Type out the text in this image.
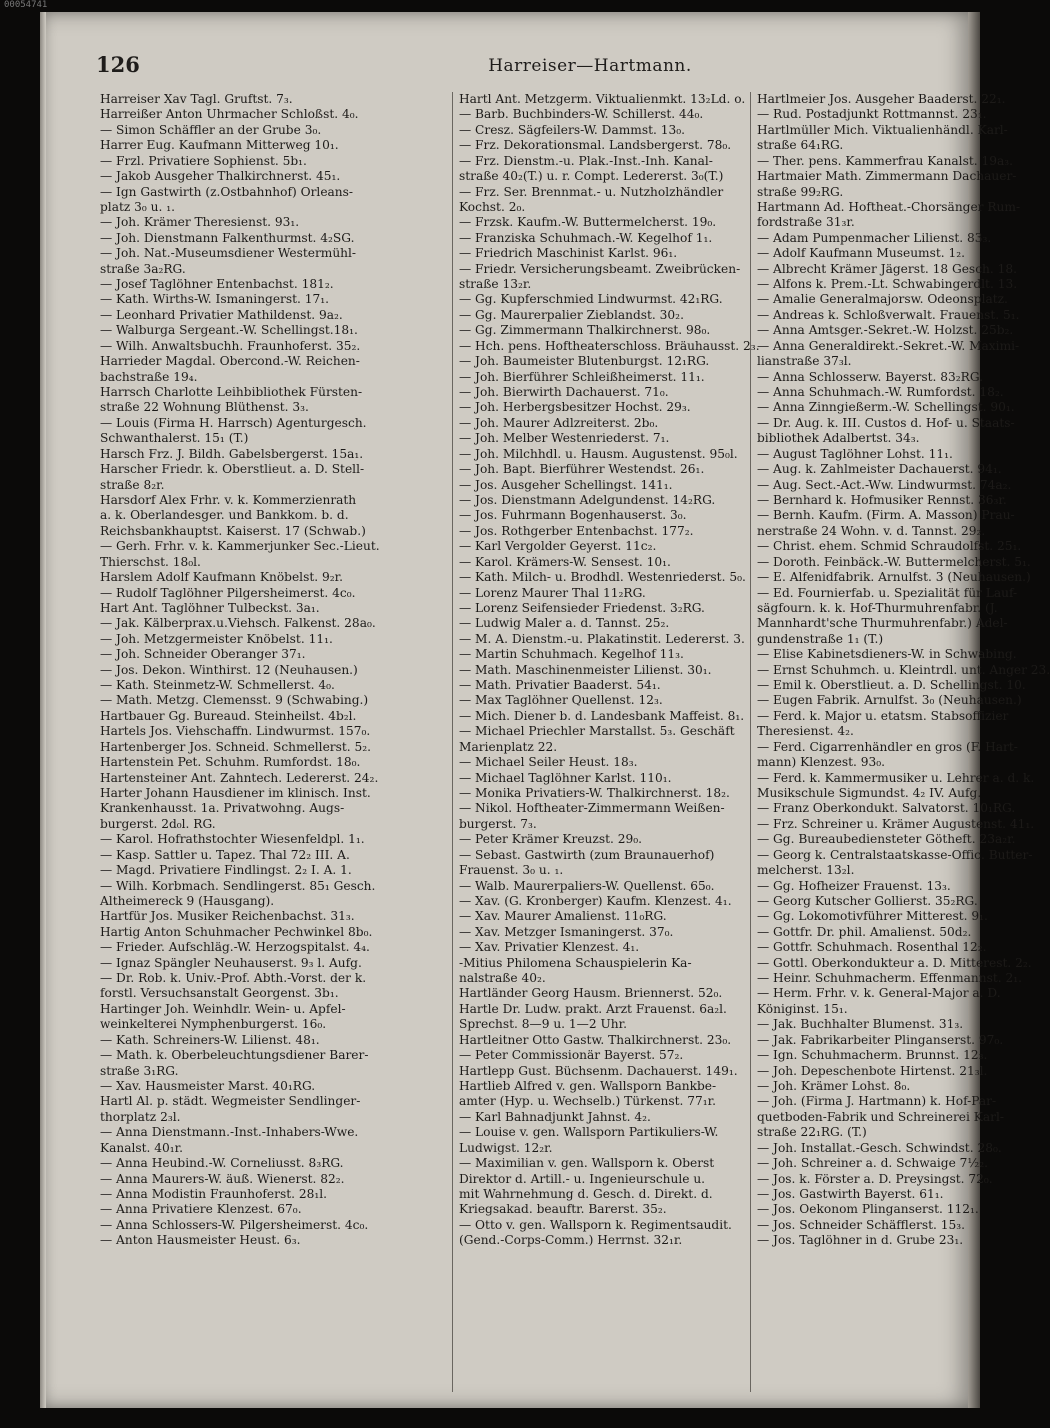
00054741
126	Harreiser—Hartmann.
Harreiser Xav Tagl. Gruftst. 7₃.
Harreißer Anton Uhrmacher Schloßst. 4₀.
— Simon Schäffler an der Grube 3₀.
Harrer Eug. Kaufmann Mitterweg 10₁.
— Frzl. Privatiere Sophienst. 5b₁.
— Jakob Ausgeher Thalkirchnerst. 45₁.
— Ign Gastwirth (z.Ostbahnhof) Orleans-
platz 3₀ u. ₁.
— Joh. Krämer Theresienst. 93₁.
— Joh. Dienstmann Falkenthurmst. 4₂SG.
— Joh. Nat.-Museumsdiener Westermühl-
straße 3a₂RG.
— Josef Taglöhner Entenbachst. 181₂.
— Kath. Wirths-W. Ismaningerst. 17₁.
— Leonhard Privatier Mathildenst. 9a₂.
— Walburga Sergeant.-W. Schellingst.18₁.
— Wilh. Anwaltsbuchh. Fraunhoferst. 35₂.
Harrieder Magdal. Obercond.-W. Reichen-
bachstraße 19₄.
Harrsch Charlotte Leihbibliothek Fürsten-
straße 22 Wohnung Blüthenst. 3₃.
— Louis (Firma H. Harrsch) Agenturgesch.
Schwanthalerst. 15₁ (T.)
Harsch Frz. J. Bildh. Gabelsbergerst. 15a₁.
Harscher Friedr. k. Oberstlieut. a. D. Stell-
straße 8₂r.
Harsdorf Alex Frhr. v. k. Kommerzienrath
a. k. Oberlandesger. und Bankkom. b. d.
Reichsbankhauptst. Kaiserst. 17 (Schwab.)
— Gerh. Frhr. v. k. Kammerjunker Sec.-Lieut.
Thierschst. 18₀l.
Harslem Adolf Kaufmann Knöbelst. 9₂r.
— Rudolf Taglöhner Pilgersheimerst. 4c₀.
Hart Ant. Taglöhner Tulbeckst. 3a₁.
— Jak. Kälberprax.u.Viehsch. Falkenst. 28a₀.
— Joh. Metzgermeister Knöbelst. 11₁.
— Joh. Schneider Oberanger 37₁.
— Jos. Dekon. Winthirst. 12 (Neuhausen.)
— Kath. Steinmetz-W. Schmellerst. 4₀.
— Math. Metzg. Clemensst. 9 (Schwabing.)
Hartbauer Gg. Bureaud. Steinheilst. 4b₂l.
Hartels Jos. Viehschaffn. Lindwurmst. 157₀.
Hartenberger Jos. Schneid. Schmellerst. 5₂.
Hartenstein Pet. Schuhm. Rumfordst. 18₀.
Hartensteiner Ant. Zahntech. Ledererst. 24₂.
Harter Johann Hausdiener im klinisch. Inst.
Krankenhausst. 1a. Privatwohng. Augs-
burgerst. 2d₀l. RG.
— Karol. Hofrathstochter Wiesenfeldpl. 1₁.
— Kasp. Sattler u. Tapez. Thal 72₂ III. A.
— Magd. Privatiere Findlingst. 2₂ I. A. 1.
— Wilh. Korbmach. Sendlingerst. 85₁ Gesch.
Altheimereck 9 (Hausgang).
Hartfür Jos. Musiker Reichenbachst. 31₃.
Hartig Anton Schuhmacher Pechwinkel 8b₀.
— Frieder. Aufschläg.-W. Herzogspitalst. 4₄.
— Ignaz Spängler Neuhauserst. 9₃ l. Aufg.
— Dr. Rob. k. Univ.-Prof. Abth.-Vorst. der k.
forstl. Versuchsanstalt Georgenst. 3b₁.
Hartinger Joh. Weinhdlr. Wein- u. Apfel-
weinkelterei Nymphenburgerst. 16₀.
— Kath. Schreiners-W. Lilienst. 48₁.
— Math. k. Oberbeleuchtungsdiener Barer-
straße 3₁RG.
— Xav. Hausmeister Marst. 40₁RG.
Hartl Al. p. städt. Wegmeister Sendlinger-
thorplatz 2₃l.
— Anna Dienstmann.-Inst.-Inhabers-Wwe.
Kanalst. 40₁r.
— Anna Heubind.-W. Corneliusst. 8₃RG.
— Anna Maurers-W. äuß. Wienerst. 82₂.
— Anna Modistin Fraunhoferst. 28₁l.
— Anna Privatiere Klenzest. 67₀.
— Anna Schlossers-W. Pilgersheimerst. 4c₀.
— Anton Hausmeister Heust. 6₃.
Hartl Ant. Metzgerm. Viktualienmkt. 13₂Ld. o.
— Barb. Buchbinders-W. Schillerst. 44₀.
— Cresz. Sägfeilers-W. Dammst. 13₀.
— Frz. Dekorationsmal. Landsbergerst. 78₀.
— Frz. Dienstm.-u. Plak.-Inst.-Inh. Kanal-
straße 40₂(T.) u. r. Compt. Ledererst. 3₀(T.)
— Frz. Ser. Brennmat.- u. Nutzholzhändler
Kochst. 2₀.
— Frzsk. Kaufm.-W. Buttermelcherst. 19₀.
— Franziska Schuhmach.-W. Kegelhof 1₁.
— Friedrich Maschinist Karlst. 96₁.
— Friedr. Versicherungsbeamt. Zweibrücken-
straße 13₂r.
— Gg. Kupferschmied Lindwurmst. 42₁RG.
— Gg. Maurerpalier Zieblandst. 30₂.
— Gg. Zimmermann Thalkirchnerst. 98₀.
— Hch. pens. Hoftheaterschloss. Bräuhausst. 2₃.
— Joh. Baumeister Blutenburgst. 12₁RG.
— Joh. Bierführer Schleißheimerst. 11₁.
— Joh. Bierwirth Dachauerst. 71₀.
— Joh. Herbergsbesitzer Hochst. 29₃.
— Joh. Maurer Adlzreiterst. 2b₀.
— Joh. Melber Westenriederst. 7₁.
— Joh. Milchhdl. u. Hausm. Augustenst. 95₀l.
— Joh. Bapt. Bierführer Westendst. 26₁.
— Jos. Ausgeher Schellingst. 141₁.
— Jos. Dienstmann Adelgundenst. 14₂RG.
— Jos. Fuhrmann Bogenhauserst. 3₀.
— Jos. Rothgerber Entenbachst. 177₂.
— Karl Vergolder Geyerst. 11c₂.
— Karol. Krämers-W. Sensest. 10₁.
— Kath. Milch- u. Brodhdl. Westenriederst. 5₀.
— Lorenz Maurer Thal 11₂RG.
— Lorenz Seifensieder Friedenst. 3₂RG.
— Ludwig Maler a. d. Tannst. 25₂.
— M. A. Dienstm.-u. Plakatinstit. Ledererst. 3.
— Martin Schuhmach. Kegelhof 11₃.
— Math. Maschinenmeister Lilienst. 30₁.
— Math. Privatier Baaderst. 54₁.
— Max Taglöhner Quellenst. 12₃.
— Mich. Diener b. d. Landesbank Maffeist. 8₁.
— Michael Priechler Marstallst. 5₃. Geschäft
Marienplatz 22.
— Michael Seiler Heust. 18₃.
— Michael Taglöhner Karlst. 110₁.
— Monika Privatiers-W. Thalkirchnerst. 18₂.
— Nikol. Hoftheater-Zimmermann Weißen-
burgerst. 7₃.
— Peter Krämer Kreuzst. 29₀.
— Sebast. Gastwirth (zum Braunauerhof)
Frauenst. 3₀ u. ₁.
— Walb. Maurerpaliers-W. Quellenst. 65₀.
— Xav. (G. Kronberger) Kaufm. Klenzest. 4₁.
— Xav. Maurer Amalienst. 11₀RG.
— Xav. Metzger Ismaningerst. 37₀.
— Xav. Privatier Klenzest. 4₁.
-Mitius Philomena Schauspielerin Ka-
nalstraße 40₂.
Hartländer Georg Hausm. Briennerst. 52₀.
Hartle Dr. Ludw. prakt. Arzt Frauenst. 6a₂l.
Sprechst. 8—9 u. 1—2 Uhr.
Hartleitner Otto Gastw. Thalkirchnerst. 23₀.
— Peter Commissionär Bayerst. 57₂.
Hartlepp Gust. Büchsenm. Dachauerst. 149₁.
Hartlieb Alfred v. gen. Wallsporn Bankbe-
amter (Hyp. u. Wechselb.) Türkenst. 77₁r.
— Karl Bahnadjunkt Jahnst. 4₂.
— Louise v. gen. Wallsporn Partikuliers-W.
Ludwigst. 12₂r.
— Maximilian v. gen. Wallsporn k. Oberst
Direktor d. Artill.- u. Ingenieurschule u.
mit Wahrnehmung d. Gesch. d. Direkt. d.
Kriegsakad. beauftr. Barerst. 35₂.
— Otto v. gen. Wallsporn k. Regimentsaudit.
(Gend.-Corps-Comm.) Herrnst. 32₁r.
Hartlmeier Jos. Ausgeher Baaderst. 22₁.
— Rud. Postadjunkt Rottmannst. 23₁.
Hartlmüller Mich. Viktualienhändl. Karl-
straße 64₁RG.
— Ther. pens. Kammerfrau Kanalst. 19a₃.
Hartmaier Math. Zimmermann Dachauer-
straße 99₂RG.
Hartmann Ad. Hoftheat.-Chorsänger Rum-
fordstraße 31₃r.
— Adam Pumpenmacher Lilienst. 83₃.
— Adolf Kaufmann Museumst. 1₂.
— Albrecht Krämer Jägerst. 18 Gesch. 18.
— Alfons k. Prem.-Lt. Schwabingerdlt. 13.
— Amalie Generalmajorsw. Odeonsplatz.
— Andreas k. Schloßverwalt. Frauenst. 5₁.
— Anna Amtsger.-Sekret.-W. Holzst. 25b₂.
— Anna Generaldirekt.-Sekret.-W. Maximi-
lianstraße 37₃l.
— Anna Schlosserw. Bayerst. 83₂RG.
— Anna Schuhmach.-W. Rumfordst. 18₂.
— Anna Zinngießerm.-W. Schellingst. 90₁.
— Dr. Aug. k. III. Custos d. Hof- u. Staats-
bibliothek Adalbertst. 34₃.
— August Taglöhner Lohst. 11₁.
— Aug. k. Zahlmeister Dachauerst. 94₁.
— Aug. Sect.-Act.-Ww. Lindwurmst. 74a₂.
— Bernhard k. Hofmusiker Rennst. 36₃r.
— Bernh. Kaufm. (Firm. A. Masson) Prau-
nerstraße 24 Wohn. v. d. Tannst. 29₂.
— Christ. ehem. Schmid Schraudolfst. 25₁.
— Doroth. Feinbäck.-W. Buttermelcherst. 5₁.
— E. Alfenidfabrik. Arnulfst. 3 (Neuhausen.)
— Ed. Fournierfab. u. Spezialität für Lauf-
sägfourn. k. k. Hof-Thurmuhrenfabr. (J.
Mannhardt'sche Thurmuhrenfabr.) Adel-
gundenstraße 1₁ (T.)
— Elise Kabinetsdieners-W. in Schwabing.
— Ernst Schuhmch. u. Kleintrdl. unt. Anger 23.
— Emil k. Oberstlieut. a. D. Schellingst. 10.
— Eugen Fabrik. Arnulfst. 3₀ (Neuhausen.)
— Ferd. k. Major u. etatsm. Stabsoffizier
Theresienst. 4₂.
— Ferd. Cigarrenhändler en gros (F. Hart-
mann) Klenzest. 93₀.
— Ferd. k. Kammermusiker u. Lehrer a. d. k.
Musikschule Sigmundst. 4₂ IV. Aufg.
— Franz Oberkondukt. Salvatorst. 10₁RG.
— Frz. Schreiner u. Krämer Augustenst. 41₁.
— Gg. Bureaubediensteter Götheft. 23a₂r.
— Georg k. Centralstaatskasse-Offic. Butter-
melcherst. 13₂l.
— Gg. Hofheizer Frauenst. 13₃.
— Georg Kutscher Gollierst. 35₂RG.
— Gg. Lokomotivführer Mitterest. 9₁.
— Gottfr. Dr. phil. Amalienst. 50d₂.
— Gottfr. Schuhmach. Rosenthal 12₂.
— Gottl. Oberkondukteur a. D. Mitterest. 2₂.
— Heinr. Schuhmacherm. Effenmannst. 2₁.
— Herm. Frhr. v. k. General-Major a. D.
Königinst. 15₁.
— Jak. Buchhalter Blumenst. 31₃.
— Jak. Fabrikarbeiter Plinganserst. 97₀.
— Ign. Schuhmacherm. Brunnst. 12₃.
— Joh. Depeschenbote Hirtenst. 21₃l.
— Joh. Krämer Lohst. 8₀.
— Joh. (Firma J. Hartmann) k. Hof-Par-
quetboden-Fabrik und Schreinerei Karl-
straße 22₁RG. (T.)
— Joh. Installat.-Gesch. Schwindst. 28₀.
— Joh. Schreiner a. d. Schwaige 7½₂.
— Jos. k. Förster a. D. Preysingst. 72₀.
— Jos. Gastwirth Bayerst. 61₁.
— Jos. Oekonom Plinganserst. 112₁.
— Jos. Schneider Schäfflerst. 15₃.
— Jos. Taglöhner in d. Grube 23₁.
